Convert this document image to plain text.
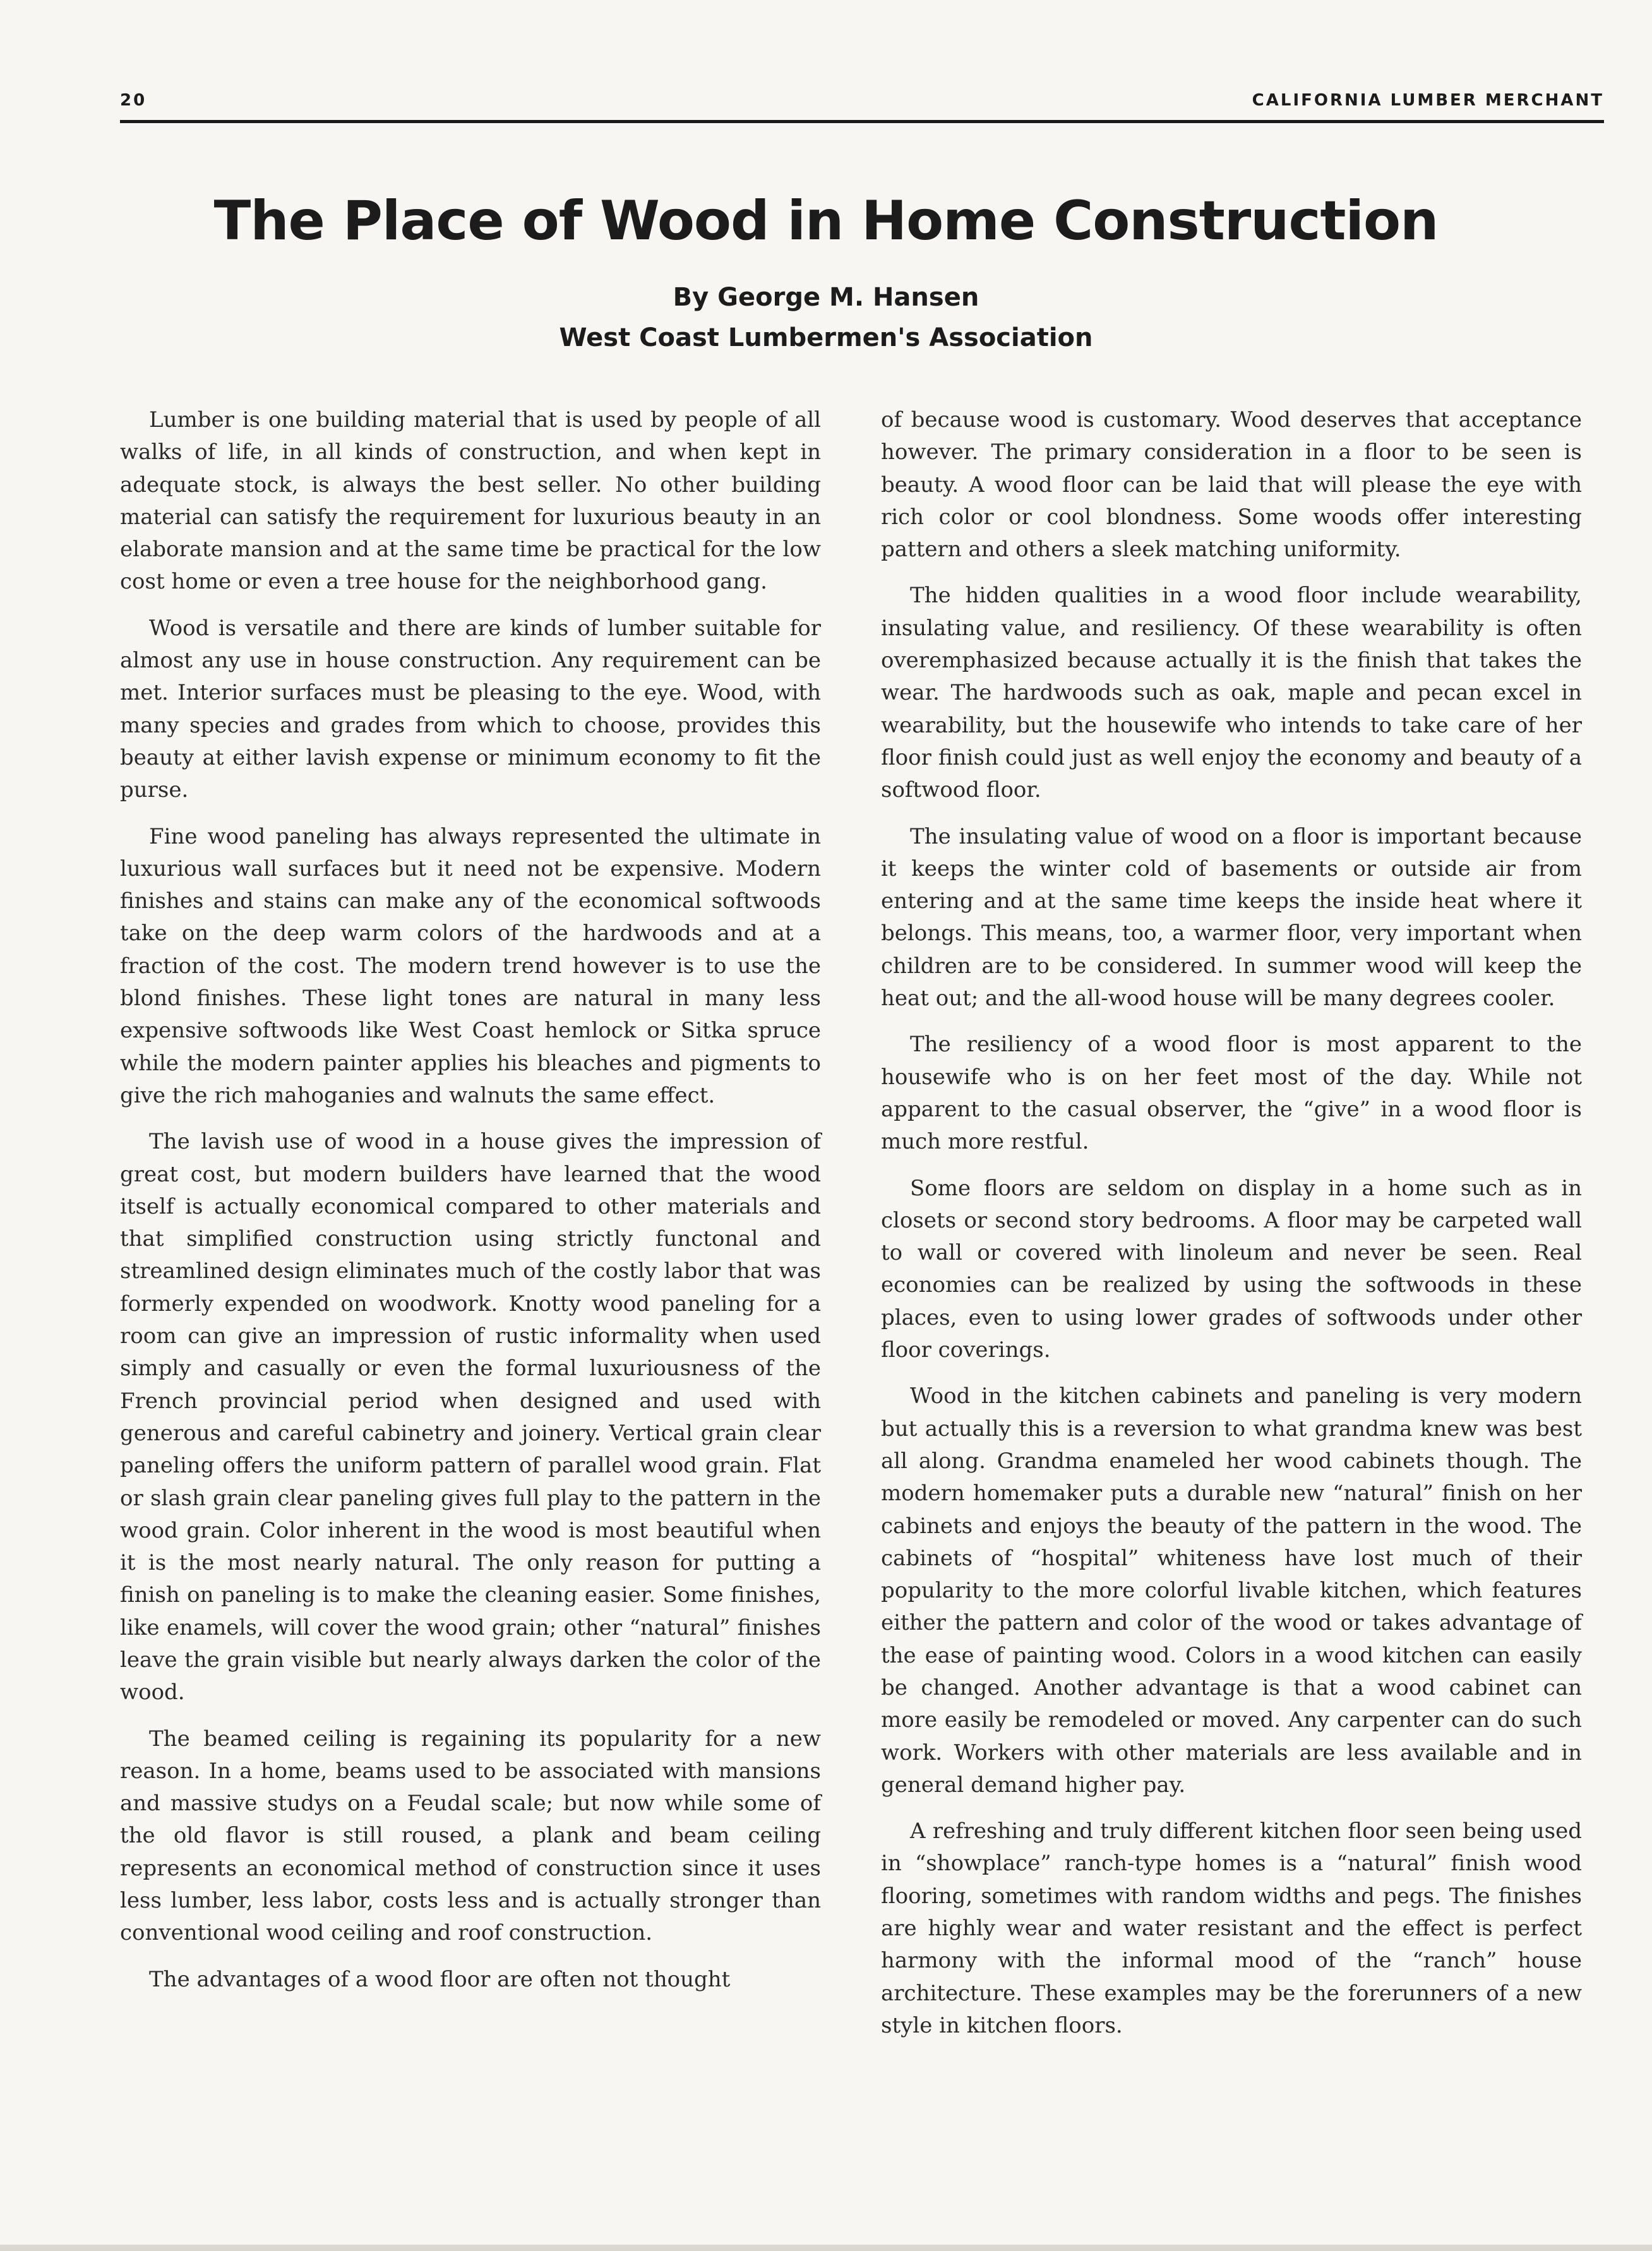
20	CALIFORNIA LUMBER MERCHANT
The Place of Wood in Home Construction
By George M. Hansen
West Coast Lumbermen's Association

Lumber is one building material that is used by people of all walks of life, in all kinds of construction, and when kept in adequate stock, is always the best seller. No other building material can satisfy the requirement for luxurious beauty in an elaborate mansion and at the same time be practical for the low cost home or even a tree house for the neighborhood gang.

Wood is versatile and there are kinds of lumber suitable for almost any use in house construction. Any requirement can be met. Interior surfaces must be pleasing to the eye. Wood, with many species and grades from which to choose, provides this beauty at either lavish expense or minimum economy to fit the purse.

Fine wood paneling has always represented the ultimate in luxurious wall surfaces but it need not be expensive. Modern finishes and stains can make any of the economical softwoods take on the deep warm colors of the hardwoods and at a fraction of the cost. The modern trend however is to use the blond finishes. These light tones are natural in many less expensive softwoods like West Coast hemlock or Sitka spruce while the modern painter applies his bleaches and pigments to give the rich mahoganies and walnuts the same effect.

The lavish use of wood in a house gives the impression of great cost, but modern builders have learned that the wood itself is actually economical compared to other materials and that simplified construction using strictly functonal and streamlined design eliminates much of the costly labor that was formerly expended on woodwork. Knotty wood paneling for a room can give an impression of rustic informality when used simply and casually or even the formal luxuriousness of the French provincial period when designed and used with generous and careful cabinetry and joinery. Vertical grain clear paneling offers the uniform pattern of parallel wood grain. Flat or slash grain clear paneling gives full play to the pattern in the wood grain. Color inherent in the wood is most beautiful when it is the most nearly natural. The only reason for putting a finish on paneling is to make the cleaning easier. Some finishes, like enamels, will cover the wood grain; other “natural” finishes leave the grain visible but nearly always darken the color of the wood.

The beamed ceiling is regaining its popularity for a new reason. In a home, beams used to be associated with mansions and massive studys on a Feudal scale; but now while some of the old flavor is still roused, a plank and beam ceiling represents an economical method of construction since it uses less lumber, less labor, costs less and is actually stronger than conventional wood ceiling and roof construction.

The advantages of a wood floor are often not thought

of because wood is customary. Wood deserves that acceptance however. The primary consideration in a floor to be seen is beauty. A wood floor can be laid that will please the eye with rich color or cool blondness. Some woods offer interesting pattern and others a sleek matching uniformity.

The hidden qualities in a wood floor include wearability, insulating value, and resiliency. Of these wearability is often overemphasized because actually it is the finish that takes the wear. The hardwoods such as oak, maple and pecan excel in wearability, but the housewife who intends to take care of her floor finish could just as well enjoy the economy and beauty of a softwood floor.

The insulating value of wood on a floor is important because it keeps the winter cold of basements or outside air from entering and at the same time keeps the inside heat where it belongs. This means, too, a warmer floor, very important when children are to be considered. In summer wood will keep the heat out; and the all-wood house will be many degrees cooler.

The resiliency of a wood floor is most apparent to the housewife who is on her feet most of the day. While not apparent to the casual observer, the “give” in a wood floor is much more restful.

Some floors are seldom on display in a home such as in closets or second story bedrooms. A floor may be carpeted wall to wall or covered with linoleum and never be seen. Real economies can be realized by using the softwoods in these places, even to using lower grades of softwoods under other floor coverings.

Wood in the kitchen cabinets and paneling is very modern but actually this is a reversion to what grandma knew was best all along. Grandma enameled her wood cabinets though. The modern homemaker puts a durable new “natural” finish on her cabinets and enjoys the beauty of the pattern in the wood. The cabinets of “hospital” whiteness have lost much of their popularity to the more colorful livable kitchen, which features either the pattern and color of the wood or takes advantage of the ease of painting wood. Colors in a wood kitchen can easily be changed. Another advantage is that a wood cabinet can more easily be remodeled or moved. Any carpenter can do such work. Workers with other materials are less available and in general demand higher pay.

A refreshing and truly different kitchen floor seen being used in “showplace” ranch-type homes is a “natural” finish wood flooring, sometimes with random widths and pegs. The finishes are highly wear and water resistant and the effect is perfect harmony with the informal mood of the “ranch” house architecture. These examples may be the forerunners of a new style in kitchen floors.
